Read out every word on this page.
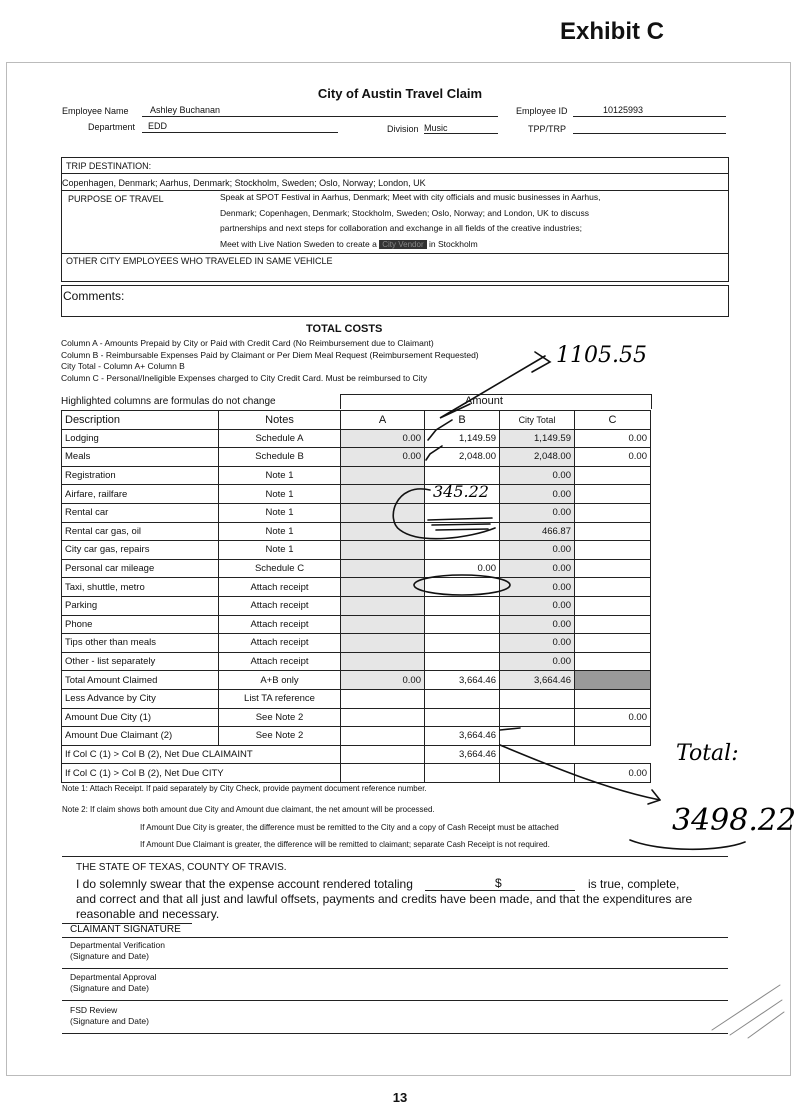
Exhibit C
City of Austin Travel Claim
Employee Name Ashley Buchanan	Employee ID	10125993
Department EDD	Division Music	TPP/TRP
TRIP DESTINATION:
Copenhagen, Denmark; Aarhus, Denmark; Stockholm, Sweden; Oslo, Norway; London, UK
PURPOSE OF TRAVEL	Speak at SPOT Festival in Aarhus, Denmark; Meet with city officials and music businesses in Aarhus,
Denmark; Copenhagen, Denmark; Stockholm, Sweden; Oslo, Norway; and London, UK to discuss
partnerships and next steps for collaboration and exchange in all fields of the creative industries;
Meet with Live Nation Sweden to create a City Vendor in Stockholm
OTHER CITY EMPLOYEES WHO TRAVELED IN SAME VEHICLE
Comments:
TOTAL COSTS
Column A - Amounts Prepaid by City or Paid with Credit Card (No Reimbursement due to Claimant)
Column B - Reimbursable Expenses Paid by Claimant or Per Diem Meal Request (Reimbursement Requested)
City Total - Column A+ Column B
Column C - Personal/Ineligible Expenses charged to City Credit Card. Must be reimbursed to City
Highlighted columns are formulas do not change	Amount
Description	Notes	A	B	City Total	C
Lodging	Schedule A	0.00	1,149.59	1,149.59	0.00
Meals	Schedule B	0.00	2,048.00	2,048.00	0.00
Registration	Note 1			0.00	
Airfare, railfare	Note 1			0.00	
Rental car	Note 1			0.00	
Rental car gas, oil	Note 1			466.87	
City car gas, repairs	Note 1			0.00	
Personal car mileage	Schedule C		0.00	0.00	
Taxi, shuttle, metro	Attach receipt			0.00	
Parking	Attach receipt			0.00	
Phone	Attach receipt			0.00	
Tips other than meals	Attach receipt			0.00	
Other - list separately	Attach receipt			0.00	
Total Amount Claimed	A+B only	0.00	3,664.46	3,664.46	
Less Advance by City	List TA reference				
Amount Due City (1)	See Note 2				0.00
Amount Due Claimant (2)	See Note 2		3,664.46		
If Col C (1) > Col B (2), Net Due CLAIMAINT			3,664.46		
If Col C (1) > Col B (2), Net Due CITY					0.00
Note 1: Attach Receipt. If paid separately by City Check, provide payment document reference number.
Note 2: If claim shows both amount due City and Amount due claimant, the net amount will be processed.
If Amount Due City is greater, the difference must be remitted to the City and a copy of Cash Receipt must be attached
If Amount Due Claimant is greater, the difference will be remitted to claimant; separate Cash Receipt is not required.
THE STATE OF TEXAS, COUNTY OF TRAVIS.
I do solemnly swear that the expense account rendered totaling	$	is true, complete,
and correct and that all just and lawful offsets, payments and credits have been made, and that the expenditures are
reasonable and necessary.
CLAIMANT SIGNATURE
Departmental Verification
(Signature and Date)
Departmental Approval
(Signature and Date)
FSD Review
(Signature and Date)
1105.55
345.22
Total:
3498.22
13
